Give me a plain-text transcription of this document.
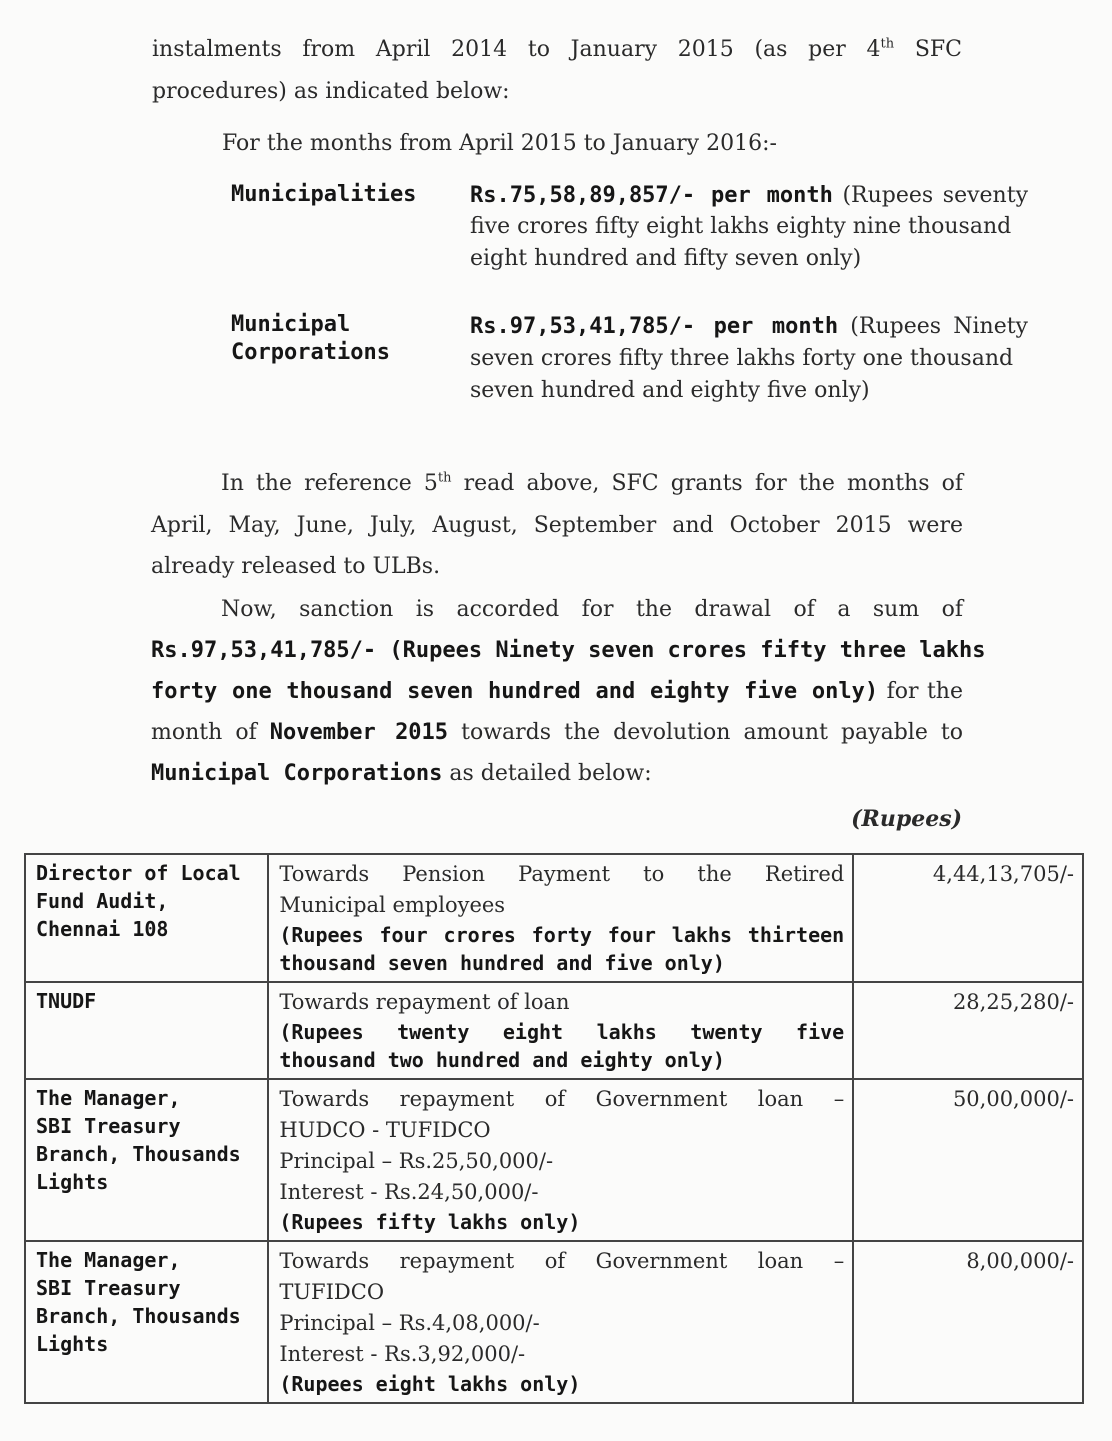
instalments from April 2014 to January 2015 (as per 4th SFC
procedures) as indicated below:
For the months from April 2015 to January 2016:-
Municipalities Rs.75,58,89,857/- per month (Rupees seventy
five crores fifty eight lakhs eighty nine thousand
eight hundred and fifty seven only)
Municipal
Corporations
Rs.97,53,41,785/- per month (Rupees Ninety
seven crores fifty three lakhs forty one thousand
seven hundred and eighty five only)
In the reference 5th read above, SFC grants for the months of
April, May, June, July, August, September and October 2015 were
already released to ULBs.
Now, sanction is accorded for the drawal of a sum of
Rs.97,53,41,785/- (Rupees Ninety seven crores fifty three lakhs
forty one thousand seven hundred and eighty five only) for the
month of November 2015 towards the devolution amount payable to
Municipal Corporations as detailed below:
(Rupees)
Director of Local
Fund Audit,
Chennai 108	Towards Pension Payment to the Retired
Municipal employees
(Rupees four crores forty four lakhs thirteen
thousand seven hundred and five only)	4,44,13,705/-

TNUDF	Towards repayment of loan
(Rupees twenty eight lakhs twenty five
thousand two hundred and eighty only)	28,25,280/-

The Manager,
SBI Treasury
Branch, Thousands
Lights	Towards repayment of Government loan –
HUDCO - TUFIDCO
Principal – Rs.25,50,000/-
Interest - Rs.24,50,000/-
(Rupees fifty lakhs only)	50,00,000/-

The Manager,
SBI Treasury
Branch, Thousands
Lights	Towards repayment of Government loan –
TUFIDCO
Principal – Rs.4,08,000/-
Interest - Rs.3,92,000/-
(Rupees eight lakhs only)	8,00,000/-
